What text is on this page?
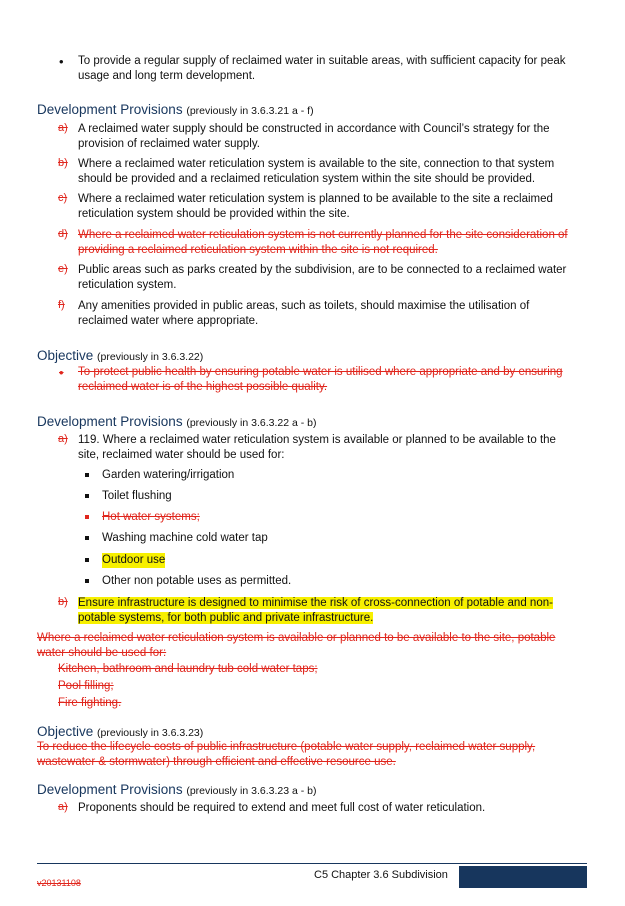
• To provide a regular supply of reclaimed water in suitable areas, with sufficient capacity for peak usage and long term development.
Development Provisions (previously in 3.6.3.21 a - f)
a) A reclaimed water supply should be constructed in accordance with Council’s strategy for the provision of reclaimed water supply.
b) Where a reclaimed water reticulation system is available to the site, connection to that system should be provided and a reclaimed reticulation system within the site should be provided.
c) Where a reclaimed water reticulation system is planned to be available to the site a reclaimed reticulation system should be provided within the site.
d) Where a reclaimed water reticulation system is not currently planned for the site consideration of providing a reclaimed reticulation system within the site is not required.
e) Public areas such as parks created by the subdivision, are to be connected to a reclaimed water reticulation system.
f) Any amenities provided in public areas, such as toilets, should maximise the utilisation of reclaimed water where appropriate.
Objective (previously in 3.6.3.22)
• To protect public health by ensuring potable water is utilised where appropriate and by ensuring reclaimed water is of the highest possible quality.
Development Provisions (previously in 3.6.3.22 a - b)
a) 119. Where a reclaimed water reticulation system is available or planned to be available to the site, reclaimed water should be used for:
Garden watering/irrigation
Toilet flushing
Hot water systems;
Washing machine cold water tap
Outdoor use
Other non potable uses as permitted.
b) Ensure infrastructure is designed to minimise the risk of cross-connection of potable and non-potable systems, for both public and private infrastructure.
Where a reclaimed water reticulation system is available or planned to be available to the site, potable water should be used for:
Kitchen, bathroom and laundry tub cold water taps;
Pool filling;
Fire fighting.
Objective (previously in 3.6.3.23)
To reduce the lifecycle costs of public infrastructure (potable water supply, reclaimed water supply, wastewater & stormwater) through efficient and effective resource use.
Development Provisions (previously in 3.6.3.23 a - b)
a) Proponents should be required to extend and meet full cost of water reticulation.
C5 Chapter 3.6 Subdivision
v20131108
